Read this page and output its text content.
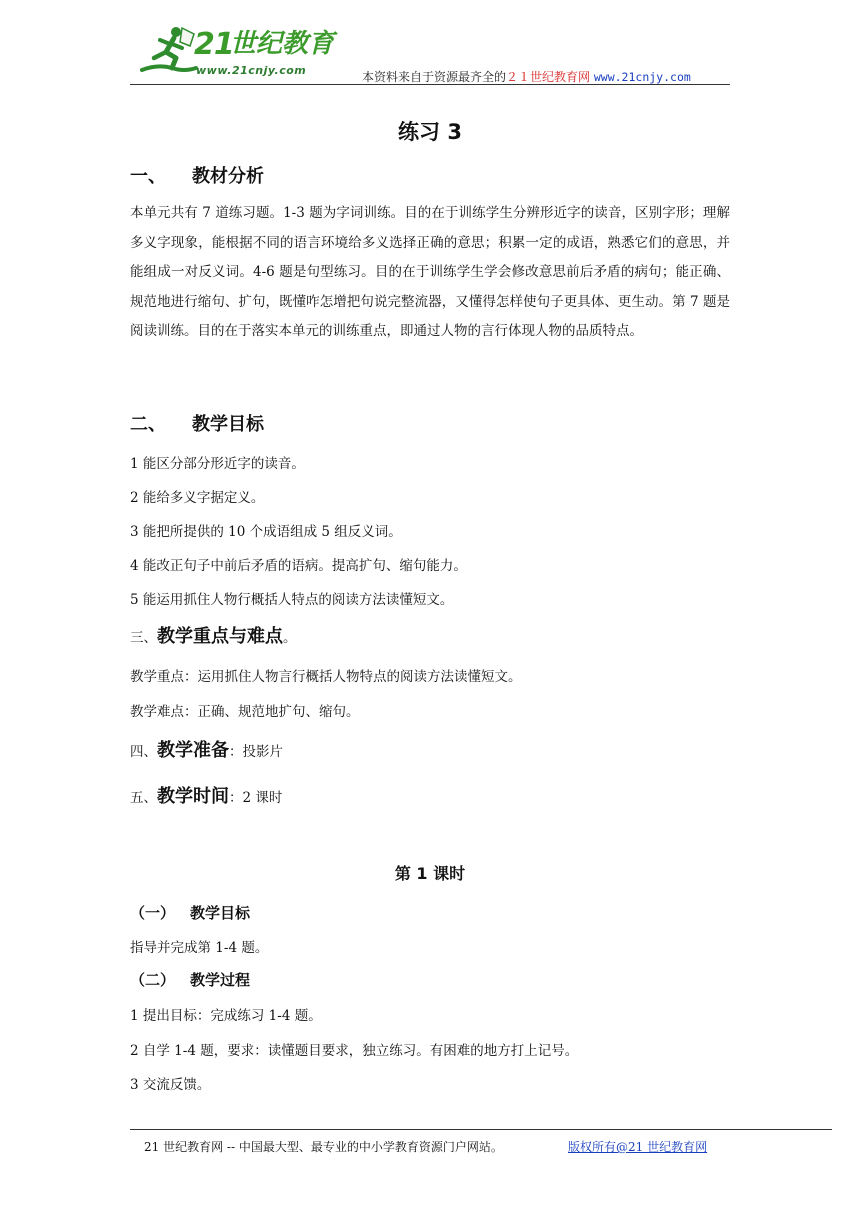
21
世纪教育
www.21cnjy.com	本资料来自于资源最齐全的２１世纪教育网 www.21cnjy.com
练习 3
一、 教材分析
本单元共有 7 道练习题。1-3 题为字词训练。目的在于训练学生分辨形近字的读音，区别字形；理解多义字现象，能根据不同的语言环境给多义选择正确的意思；积累一定的成语，熟悉它们的意思，并能组成一对反义词。4-6 题是句型练习。目的在于训练学生学会修改意思前后矛盾的病句；能正确、规范地进行缩句、扩句，既懂咋怎增把句说完整流器，又懂得怎样使句子更具体、更生动。第 7 题是阅读训练。目的在于落实本单元的训练重点，即通过人物的言行体现人物的品质特点。
二、 教学目标
1 能区分部分形近字的读音。
2 能给多义字据定义。
3 能把所提供的 10 个成语组成 5 组反义词。
4 能改正句子中前后矛盾的语病。提高扩句、缩句能力。
5 能运用抓住人物行概括人特点的阅读方法读懂短文。
三、教学重点与难点。
教学重点：运用抓住人物言行概括人物特点的阅读方法读懂短文。
教学难点：正确、规范地扩句、缩句。
四、教学准备：投影片
五、教学时间：2 课时
第 1 课时
（一） 教学目标
指导并完成第 1-4 题。
（二） 教学过程
1 提出目标：完成练习 1-4 题。
2 自学 1-4 题，要求：读懂题目要求，独立练习。有困难的地方打上记号。
3 交流反馈。
21 世纪教育网 -- 中国最大型、最专业的中小学教育资源门户网站。	版权所有@21 世纪教育网
